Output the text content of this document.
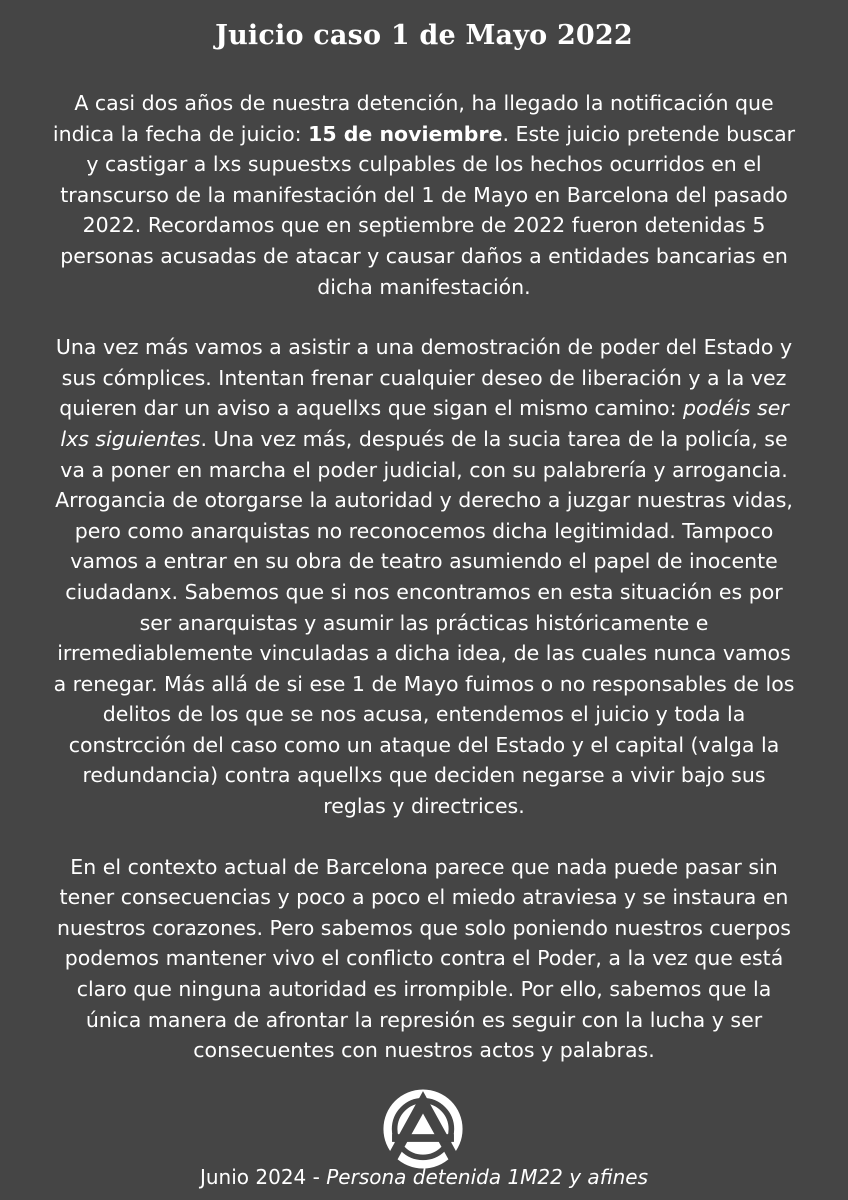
Juicio caso 1 de Mayo 2022

A casi dos años de nuestra detención, ha llegado la notificación que indica la fecha de juicio: 15 de noviembre. Este juicio pretende buscar y castigar a lxs supuestxs culpables de los hechos ocurridos en el transcurso de la manifestación del 1 de Mayo en Barcelona del pasado 2022. Recordamos que en septiembre de 2022 fueron detenidas 5 personas acusadas de atacar y causar daños a entidades bancarias en dicha manifestación.

Una vez más vamos a asistir a una demostración de poder del Estado y sus cómplices. Intentan frenar cualquier deseo de liberación y a la vez quieren dar un aviso a aquellxs que sigan el mismo camino: podéis ser lxs siguientes. Una vez más, después de la sucia tarea de la policía, se va a poner en marcha el poder judicial, con su palabrería y arrogancia. Arrogancia de otorgarse la autoridad y derecho a juzgar nuestras vidas, pero como anarquistas no reconocemos dicha legitimidad. Tampoco vamos a entrar en su obra de teatro asumiendo el papel de inocente ciudadanx. Sabemos que si nos encontramos en esta situación es por ser anarquistas y asumir las prácticas históricamente e irremediablemente vinculadas a dicha idea, de las cuales nunca vamos a renegar. Más allá de si ese 1 de Mayo fuimos o no responsables de los delitos de los que se nos acusa, entendemos el juicio y toda la constrcción del caso como un ataque del Estado y el capital (valga la redundancia) contra aquellxs que deciden negarse a vivir bajo sus reglas y directrices.

En el contexto actual de Barcelona parece que nada puede pasar sin tener consecuencias y poco a poco el miedo atraviesa y se instaura en nuestros corazones. Pero sabemos que solo poniendo nuestros cuerpos podemos mantener vivo el conflicto contra el Poder, a la vez que está claro que ninguna autoridad es irrompible. Por ello, sabemos que la única manera de afrontar la represión es seguir con la lucha y ser consecuentes con nuestros actos y palabras.

Junio 2024 - Persona detenida 1M22 y afines
